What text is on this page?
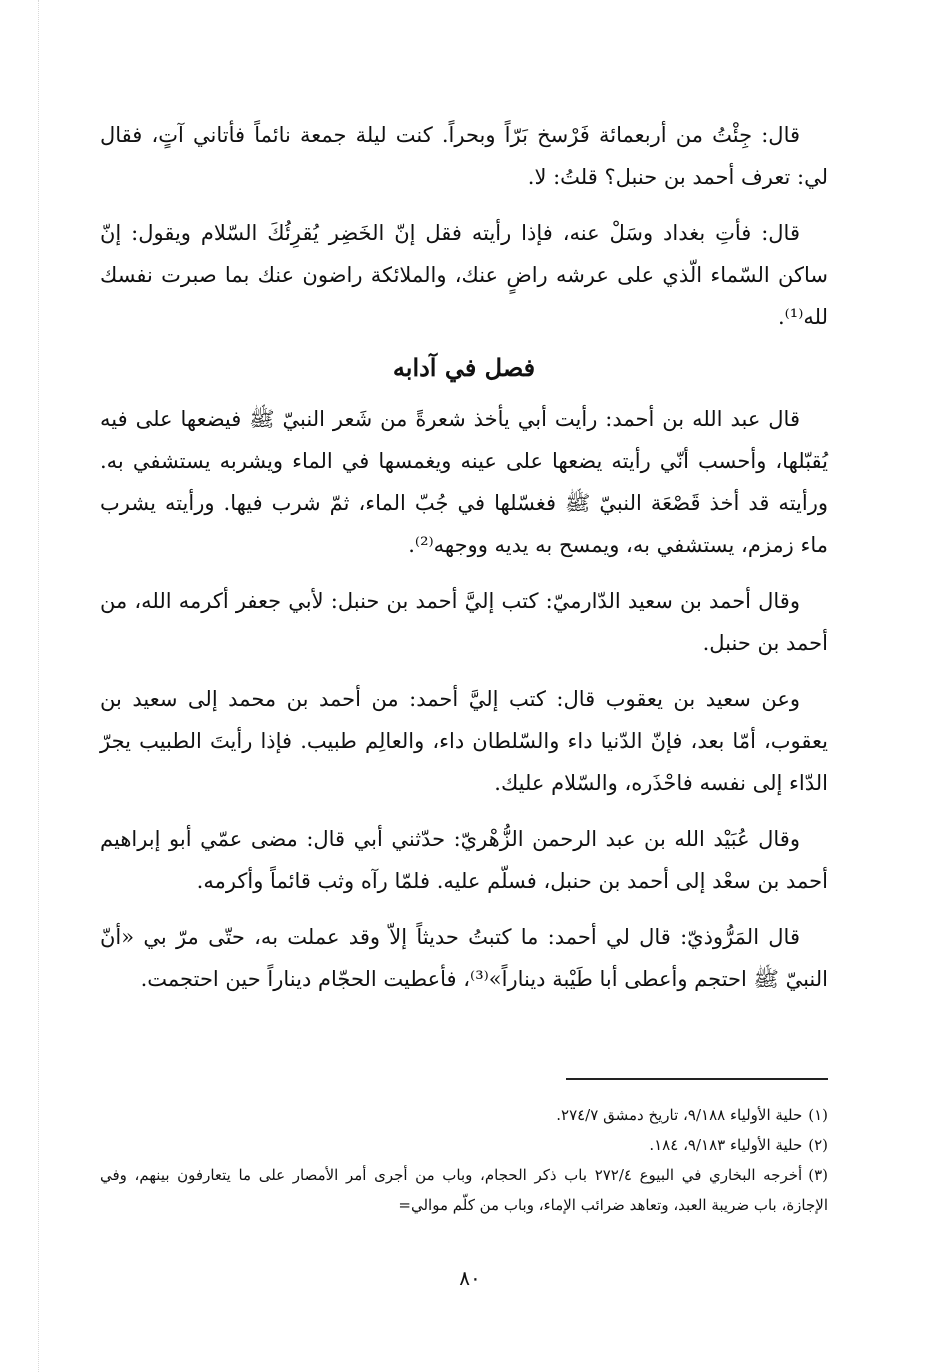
قال: جِئْتُ من أربعمائة فَرْسخ بَرّاً وبحراً. كنت ليلة جمعة نائماً فأتاني آتٍ، فقال لي: تعرف أحمد بن حنبل؟ قلتُ: لا.

قال: فأتِ بغداد وسَلْ عنه، فإذا رأيته فقل إنّ الخَضِر يُقرِئُكَ السّلام ويقول: إنّ ساكن السّماء الّذي على عرشه راضٍ عنك، والملائكة راضون عنك بما صبرت نفسك لله⁽¹⁾.

فصل في آدابه

قال عبد الله بن أحمد: رأيت أبي يأخذ شعرةً من شَعر النبيّ ﷺ فيضعها على فيه يُقبّلها، وأحسب أنّي رأيته يضعها على عينه ويغمسها في الماء ويشربه يستشفي به. ورأيته قد أخذ قَصْعَة النبيّ ﷺ فغسّلها في جُبّ الماء، ثمّ شرب فيها. ورأيته يشرب ماء زمزم، يستشفي به، ويمسح به يديه ووجهه⁽²⁾.

وقال أحمد بن سعيد الدّارميّ: كتب إليَّ أحمد بن حنبل: لأبي جعفر أكرمه الله، من أحمد بن حنبل.

وعن سعيد بن يعقوب قال: كتب إليَّ أحمد: من أحمد بن محمد إلى سعيد بن يعقوب، أمّا بعد، فإنّ الدّنيا داء والسّلطان داء، والعالِم طبيب. فإذا رأيتَ الطبيب يجرّ الدّاء إلى نفسه فاحْذَره، والسّلام عليك.

وقال عُبَيْد الله بن عبد الرحمن الزُّهْريّ: حدّثني أبي قال: مضى عمّي أبو إبراهيم أحمد بن سعْد إلى أحمد بن حنبل، فسلّم عليه. فلمّا رآه وثب قائماً وأكرمه.

قال المَرُّوذيّ: قال لي أحمد: ما كتبتُ حديثاً إلاّ وقد عملت به، حتّى مرّ بي «أنّ النبيّ ﷺ احتجم وأعطى أبا طَيْبة ديناراً»⁽³⁾، فأعطيت الحجّام ديناراً حين احتجمت.

(١)حلية الأولياء ٩/١٨٨، تاريخ دمشق ٢٧٤/٧.

(٢)حلية الأولياء ٩/١٨٣، ١٨٤.

(٣)أخرجه البخاري في البيوع ٢٧٢/٤ باب ذكر الحجام، وباب من أجرى أمر الأمصار على ما يتعارفون بينهم، وفي الإجازة، باب ضريبة العبد، وتعاهد ضرائب الإماء، وباب من كلّم موالي=

٨٠
